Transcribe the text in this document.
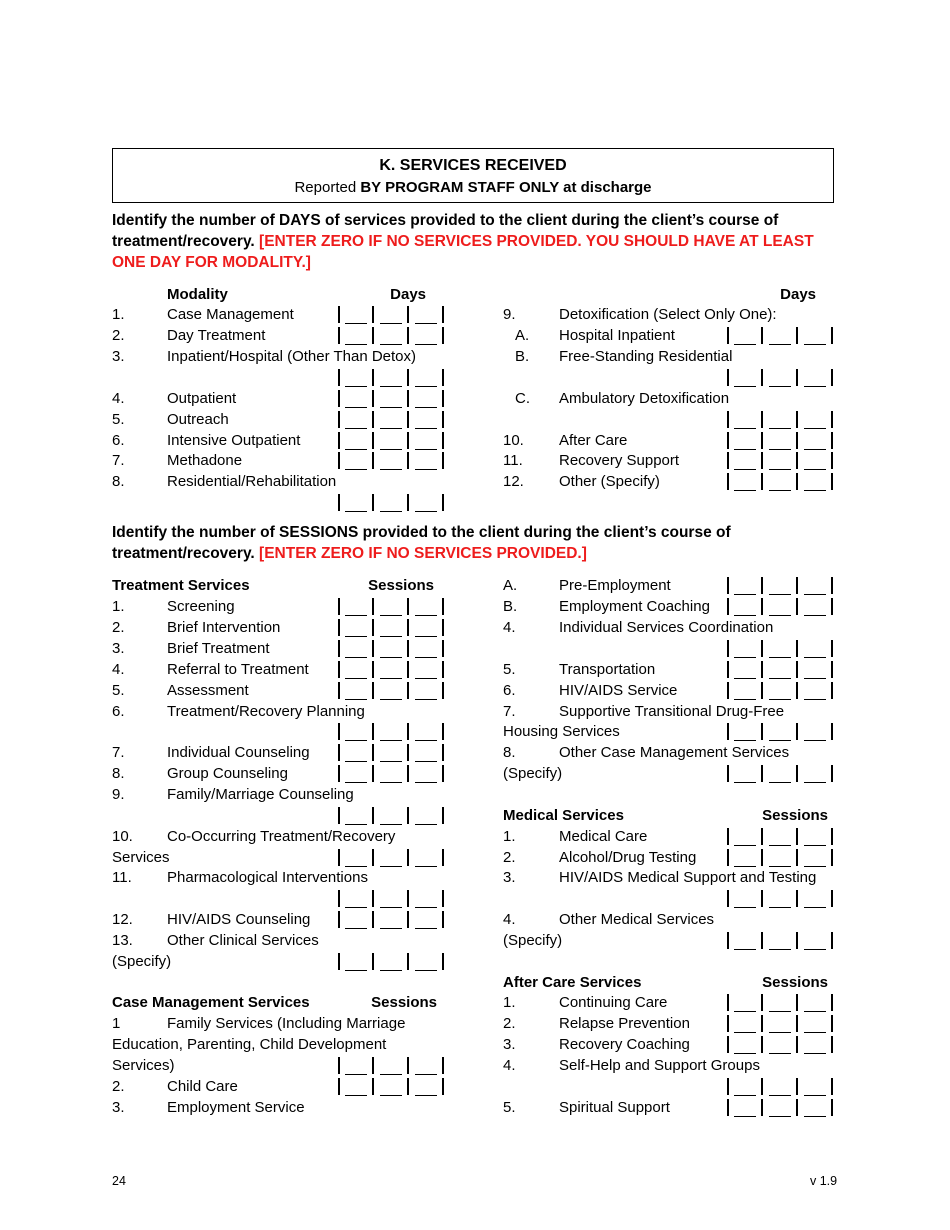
K. SERVICES RECEIVED
Reported BY PROGRAM STAFF ONLY at discharge
Identify the number of DAYS of services provided to the client during the client’s course of treatment/recovery. [ENTER ZERO IF NO SERVICES PROVIDED. YOU SHOULD HAVE AT LEAST ONE DAY FOR MODALITY.]
Identify the number of SESSIONS provided to the client during the client’s course of treatment/recovery. [ENTER ZERO IF NO SERVICES PROVIDED.]
Modality	Days	Days
1.	Case Management
2.	Day Treatment
3.	Inpatient/Hospital (Other Than Detox)
4.	Outpatient
5.	Outreach
6.	Intensive Outpatient
7.	Methadone
8.	Residential/Rehabilitation
9.	Detoxification (Select Only One):
A. Hospital Inpatient
B. Free-Standing Residential
C. Ambulatory Detoxification
10. After Care
11. Recovery Support
12. Other (Specify)
Treatment Services	Sessions
1.	Screening
2.	Brief Intervention
3.	Brief Treatment
4.	Referral to Treatment
5.	Assessment
6.	Treatment/Recovery Planning
7.	Individual Counseling
8.	Group Counseling
9.	Family/Marriage Counseling
10. Co-Occurring Treatment/Recovery
Services
11. Pharmacological Interventions
12. HIV/AIDS Counseling
13. Other Clinical Services
(Specify)
Case Management Services	Sessions
1	Family Services (Including Marriage
Education, Parenting, Child Development
Services)
2.	Child Care
3.	Employment Service
A.	Pre-Employment
B.	Employment Coaching
4.	Individual Services Coordination
5.	Transportation
6.	HIV/AIDS Service
7.	Supportive Transitional Drug-Free
Housing Services
8.	Other Case Management Services
(Specify)
Medical Services	Sessions
1.	Medical Care
2.	Alcohol/Drug Testing
3.	HIV/AIDS Medical Support and Testing
4.	Other Medical Services
(Specify)
After Care Services	Sessions
1.	Continuing Care
2.	Relapse Prevention
3.	Recovery Coaching
4.	Self-Help and Support Groups
5.	Spiritual Support
24	v 1.9
